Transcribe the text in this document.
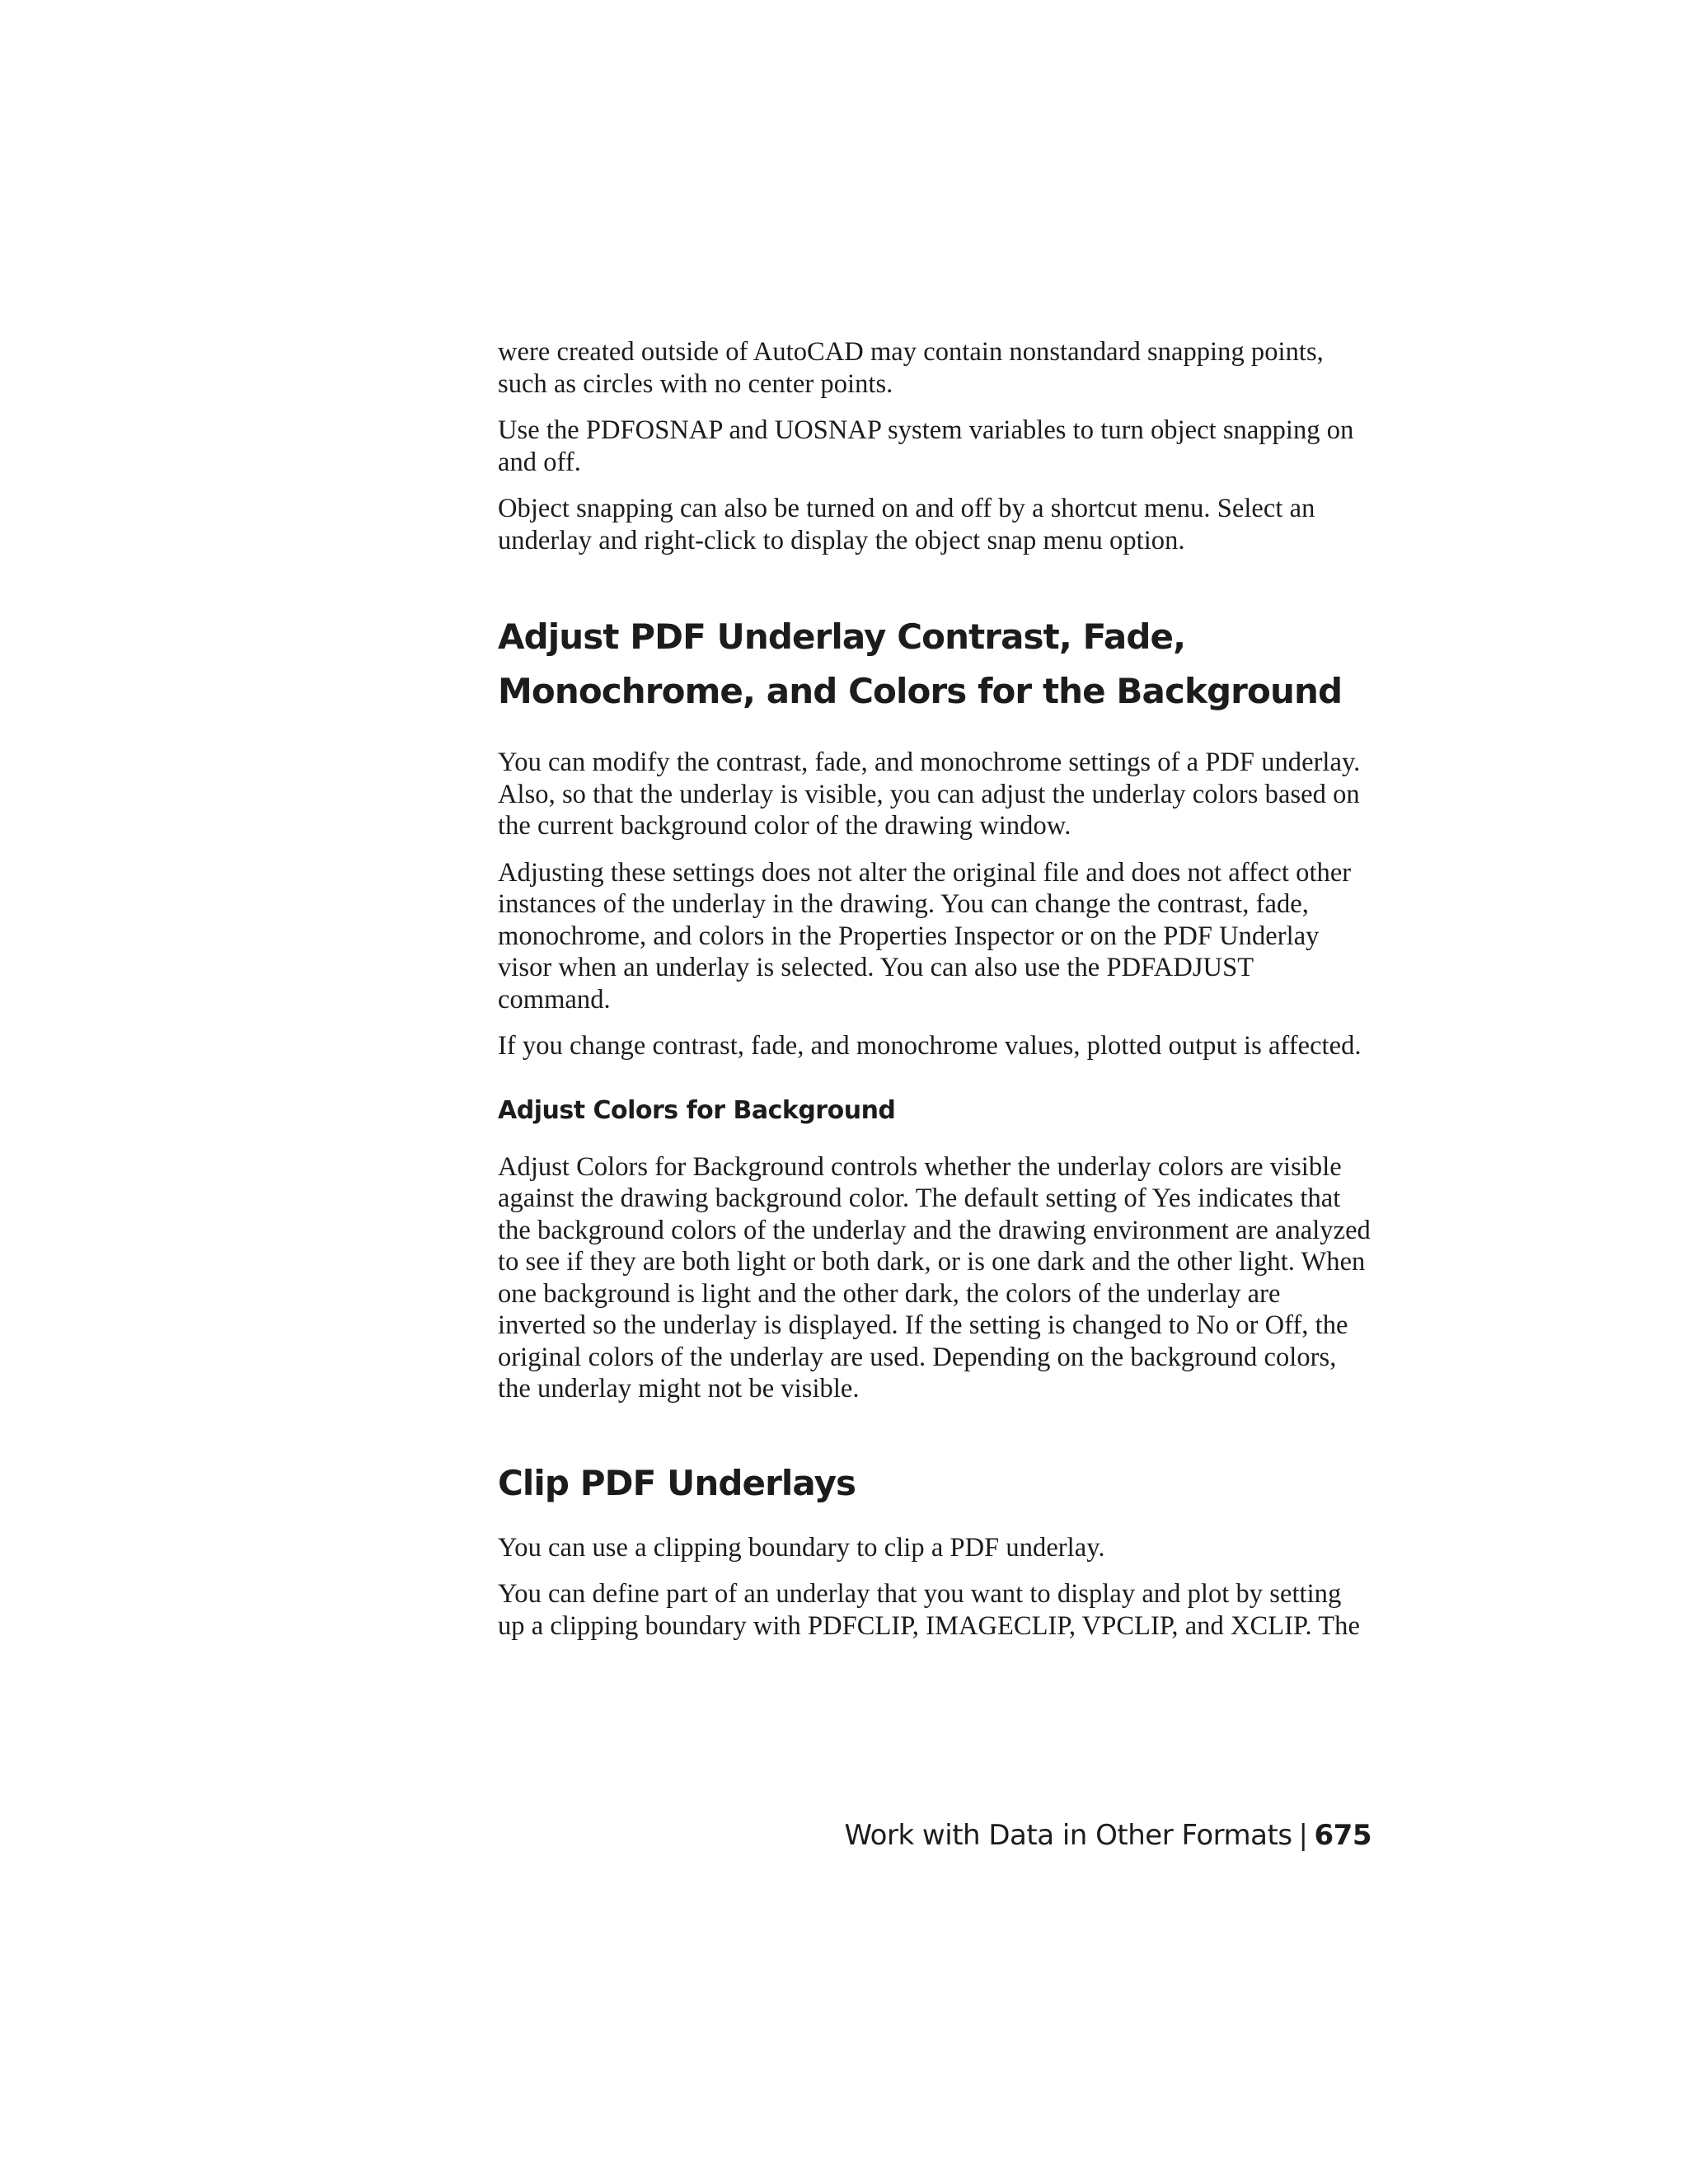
were created outside of AutoCAD may contain nonstandard snapping points, such as circles with no center points.

Use the PDFOSNAP and UOSNAP system variables to turn object snapping on and off.

Object snapping can also be turned on and off by a shortcut menu. Select an underlay and right-click to display the object snap menu option.

Adjust PDF Underlay Contrast, Fade, Monochrome, and Colors for the Background

You can modify the contrast, fade, and monochrome settings of a PDF underlay. Also, so that the underlay is visible, you can adjust the underlay colors based on the current background color of the drawing window.

Adjusting these settings does not alter the original file and does not affect other instances of the underlay in the drawing. You can change the contrast, fade, monochrome, and colors in the Properties Inspector or on the PDF Underlay visor when an underlay is selected. You can also use the PDFADJUST command.

If you change contrast, fade, and monochrome values, plotted output is affected.

Adjust Colors for Background

Adjust Colors for Background controls whether the underlay colors are visible against the drawing background color. The default setting of Yes indicates that the background colors of the underlay and the drawing environment are analyzed to see if they are both light or both dark, or is one dark and the other light. When one background is light and the other dark, the colors of the underlay are inverted so the underlay is displayed. If the setting is changed to No or Off, the original colors of the underlay are used. Depending on the background colors, the underlay might not be visible.

Clip PDF Underlays

You can use a clipping boundary to clip a PDF underlay.

You can define part of an underlay that you want to display and plot by setting up a clipping boundary with PDFCLIP, IMAGECLIP, VPCLIP, and XCLIP. The

Work with Data in Other Formats | 675
